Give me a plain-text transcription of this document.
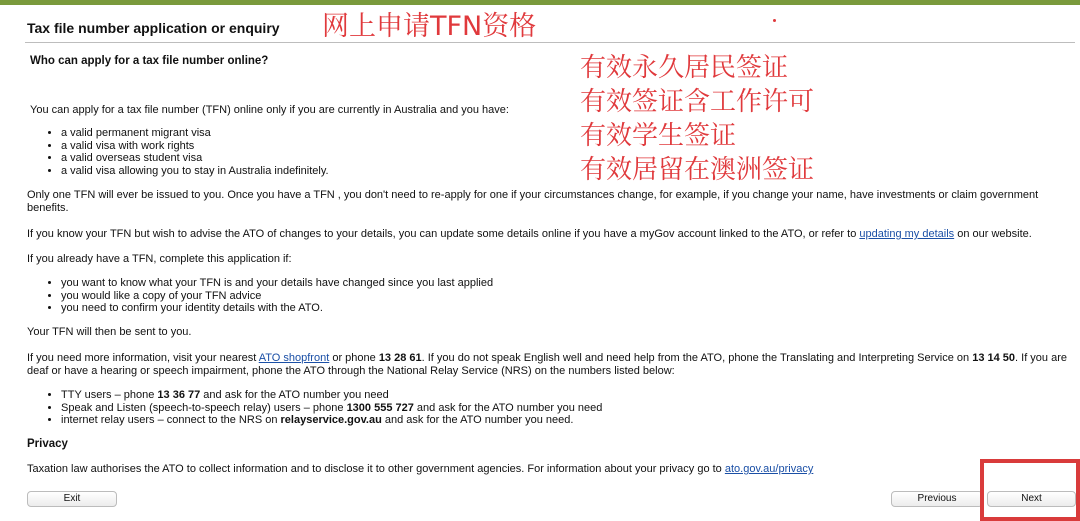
Tax file number application or enquiry 网上申请TFN资格
Who can apply for a tax file number online?	有效永久居民签证
有效签证含工作许可
有效学生签证
有效居留在澳洲签证

You can apply for a tax file number (TFN) online only if you are currently in Australia and you have:

• a valid permanent migrant visa
• a valid visa with work rights
• a valid overseas student visa
• a valid visa allowing you to stay in Australia indefinitely.

Only one TFN will ever be issued to you. Once you have a TFN , you don't need to re-apply for one if your circumstances change, for example, if you change your name, have investments or claim government benefits.

If you know your TFN but wish to advise the ATO of changes to your details, you can update some details online if you have a myGov account linked to the ATO, or refer to updating my details on our website.

If you already have a TFN, complete this application if:

• you want to know what your TFN is and your details have changed since you last applied
• you would like a copy of your TFN advice
• you need to confirm your identity details with the ATO.

Your TFN will then be sent to you.

If you need more information, visit your nearest ATO shopfront or phone 13 28 61. If you do not speak English well and need help from the ATO, phone the Translating and Interpreting Service on 13 14 50. If you are deaf or have a hearing or speech impairment, phone the ATO through the National Relay Service (NRS) on the numbers listed below:

• TTY users – phone 13 36 77 and ask for the ATO number you need
• Speak and Listen (speech-to-speech relay) users – phone 1300 555 727 and ask for the ATO number you need
• internet relay users – connect to the NRS on relayservice.gov.au and ask for the ATO number you need.
Privacy

Taxation law authorises the ATO to collect information and to disclose it to other government agencies. For information about your privacy go to ato.gov.au/privacy

Exit	Previous	Next
